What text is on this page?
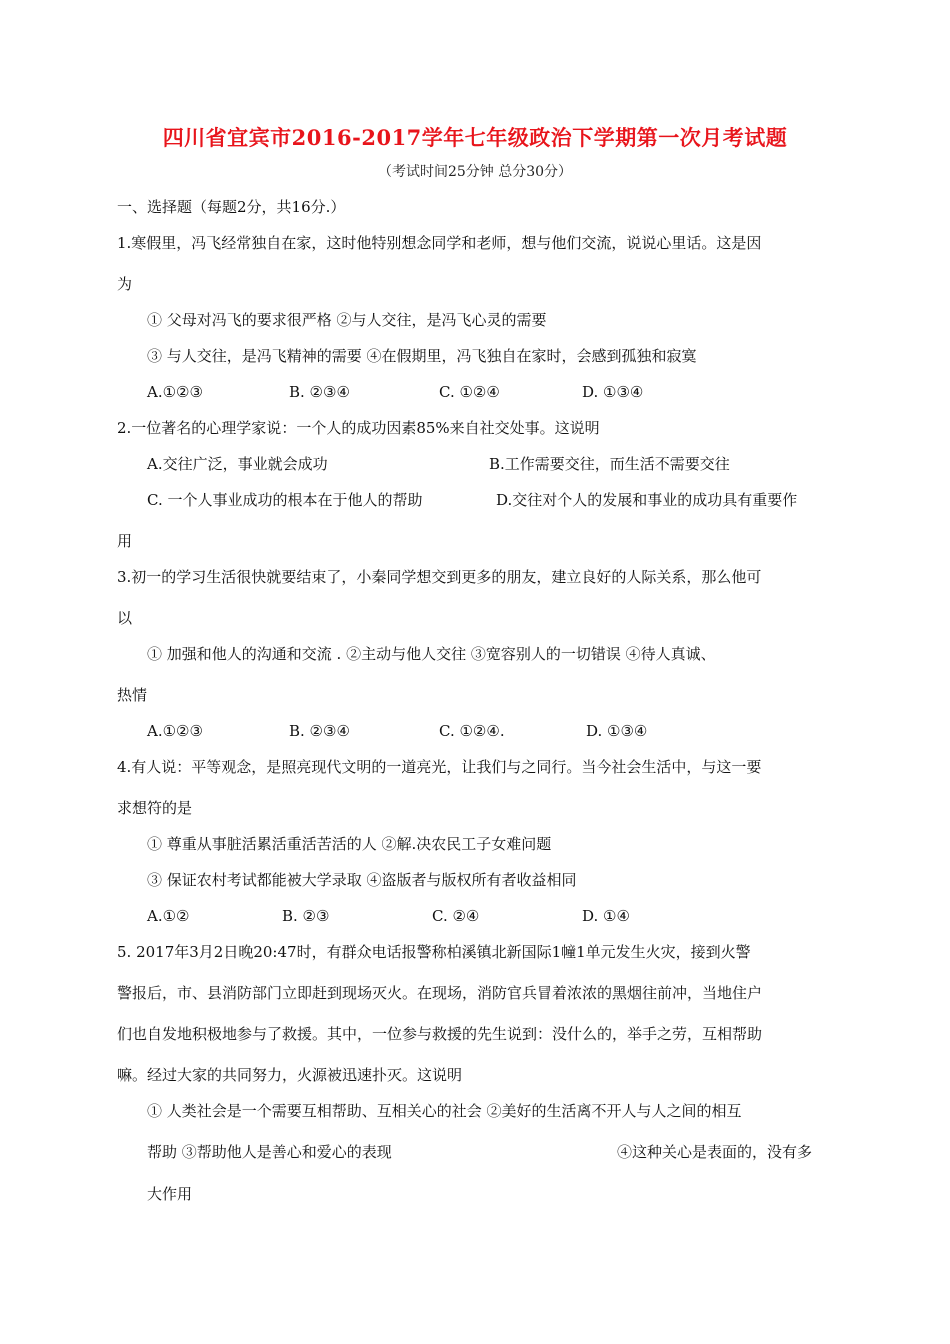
四川省宜宾市2016-2017学年七年级政治下学期第一次月考试题
（考试时间25分钟 总分30分）
一、选择题（每题2分，共16分.）
1.寒假里，冯飞经常独自在家，这时他特别想念同学和老师，想与他们交流，说说心里话。这是因
为
① 父母对冯飞的要求很严格 ②与人交往，是冯飞心灵的需要
③ 与人交往，是冯飞精神的需要 ④在假期里，冯飞独自在家时，会感到孤独和寂寞
A.①②③	B. ②③④	C. ①②④	D. ①③④
2.一位著名的心理学家说：一个人的成功因素85%来自社交处事。这说明
A.交往广泛，事业就会成功	B.工作需要交往，而生活不需要交往
C. 一个人事业成功的根本在于他人的帮助	D.交往对个人的发展和事业的成功具有重要作
用
3.初一的学习生活很快就要结束了，小秦同学想交到更多的朋友，建立良好的人际关系，那么他可
以
① 加强和他人的沟通和交流 . ②主动与他人交往 ③宽容别人的一切错误 ④待人真诚、
热情
A.①②③	B. ②③④	C. ①②④.	D. ①③④
4.有人说：平等观念，是照亮现代文明的一道亮光，让我们与之同行。当今社会生活中，与这一要
求想符的是
① 尊重从事脏活累活重活苦活的人 ②解.决农民工子女难问题
③ 保证农村考试都能被大学录取 ④盗版者与版权所有者收益相同
A.①②	B. ②③	C. ②④	D. ①④
5. 2017年3月2日晚20:47时，有群众电话报警称柏溪镇北新国际1幢1单元发生火灾，接到火警
警报后，市、县消防部门立即赶到现场灭火。在现场，消防官兵冒着浓浓的黑烟往前冲，当地住户
们也自发地积极地参与了救援。其中，一位参与救援的先生说到：没什么的，举手之劳，互相帮助
嘛。经过大家的共同努力，火源被迅速扑灭。这说明
① 人类社会是一个需要互相帮助、互相关心的社会 ②美好的生活离不开人与人之间的相互
帮助 ③帮助他人是善心和爱心的表现	④这种关心是表面的，没有多
大作用
